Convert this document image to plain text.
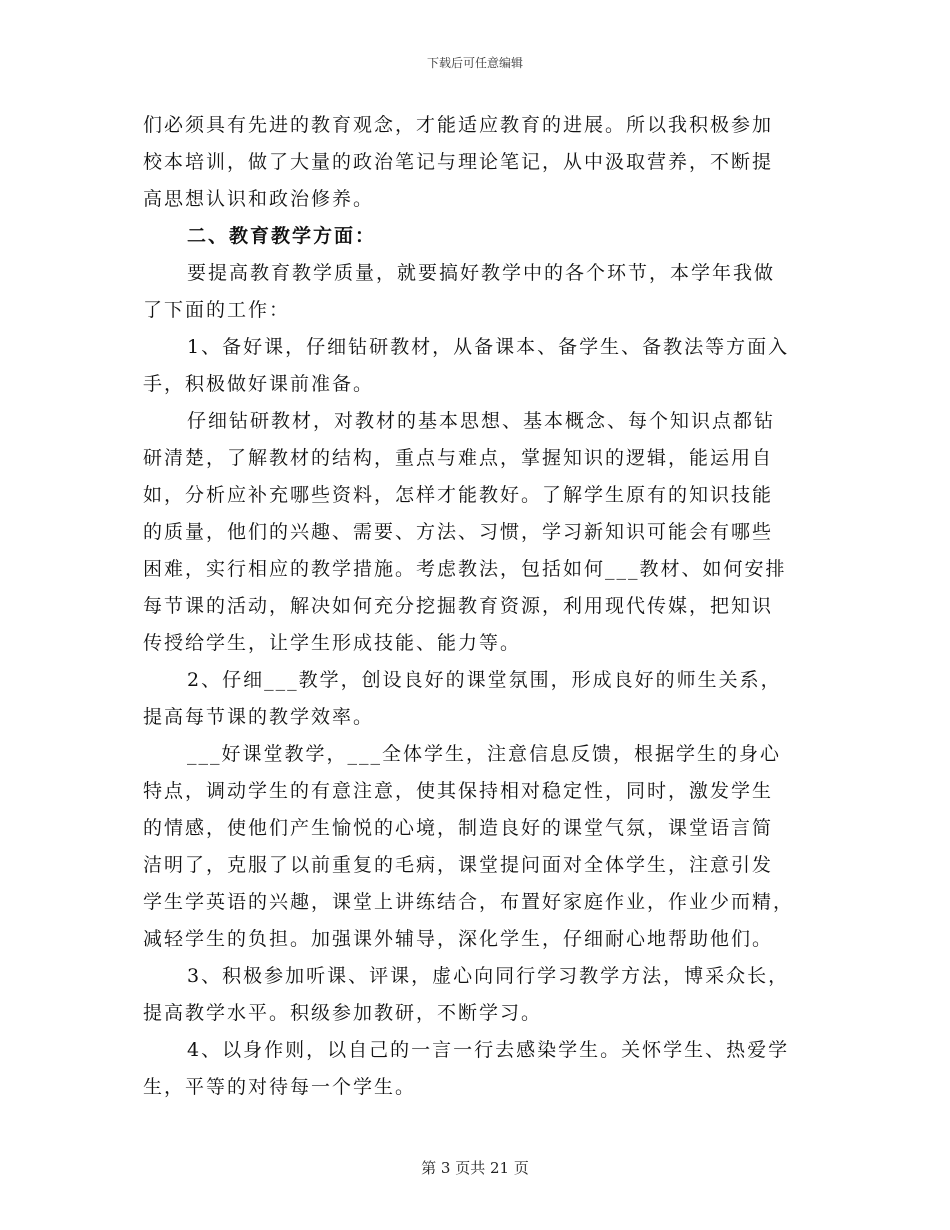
下载后可任意编辑
们必须具有先进的教育观念，才能适应教育的进展。所以我积极参加
校本培训，做了大量的政治笔记与理论笔记，从中汲取营养，不断提
高思想认识和政治修养。
二、教育教学方面：
要提高教育教学质量，就要搞好教学中的各个环节，本学年我做
了下面的工作：
1、备好课，仔细钻研教材，从备课本、备学生、备教法等方面入
手，积极做好课前准备。
仔细钻研教材，对教材的基本思想、基本概念、每个知识点都钻
研清楚，了解教材的结构，重点与难点，掌握知识的逻辑，能运用自
如，分析应补充哪些资料，怎样才能教好。了解学生原有的知识技能
的质量，他们的兴趣、需要、方法、习惯，学习新知识可能会有哪些
困难，实行相应的教学措施。考虑教法，包括如何___教材、如何安排
每节课的活动，解决如何充分挖掘教育资源，利用现代传媒，把知识
传授给学生，让学生形成技能、能力等。
2、仔细___教学，创设良好的课堂氛围，形成良好的师生关系，
提高每节课的教学效率。
___好课堂教学，___全体学生，注意信息反馈，根据学生的身心
特点，调动学生的有意注意，使其保持相对稳定性，同时，激发学生
的情感，使他们产生愉悦的心境，制造良好的课堂气氛，课堂语言简
洁明了，克服了以前重复的毛病，课堂提问面对全体学生，注意引发
学生学英语的兴趣，课堂上讲练结合，布置好家庭作业，作业少而精，
减轻学生的负担。加强课外辅导，深化学生，仔细耐心地帮助他们。
3、积极参加听课、评课，虚心向同行学习教学方法，博采众长，
提高教学水平。积级参加教研，不断学习。
4、以身作则，以自己的一言一行去感染学生。关怀学生、热爱学
生，平等的对待每一个学生。
第 3 页共 21 页
